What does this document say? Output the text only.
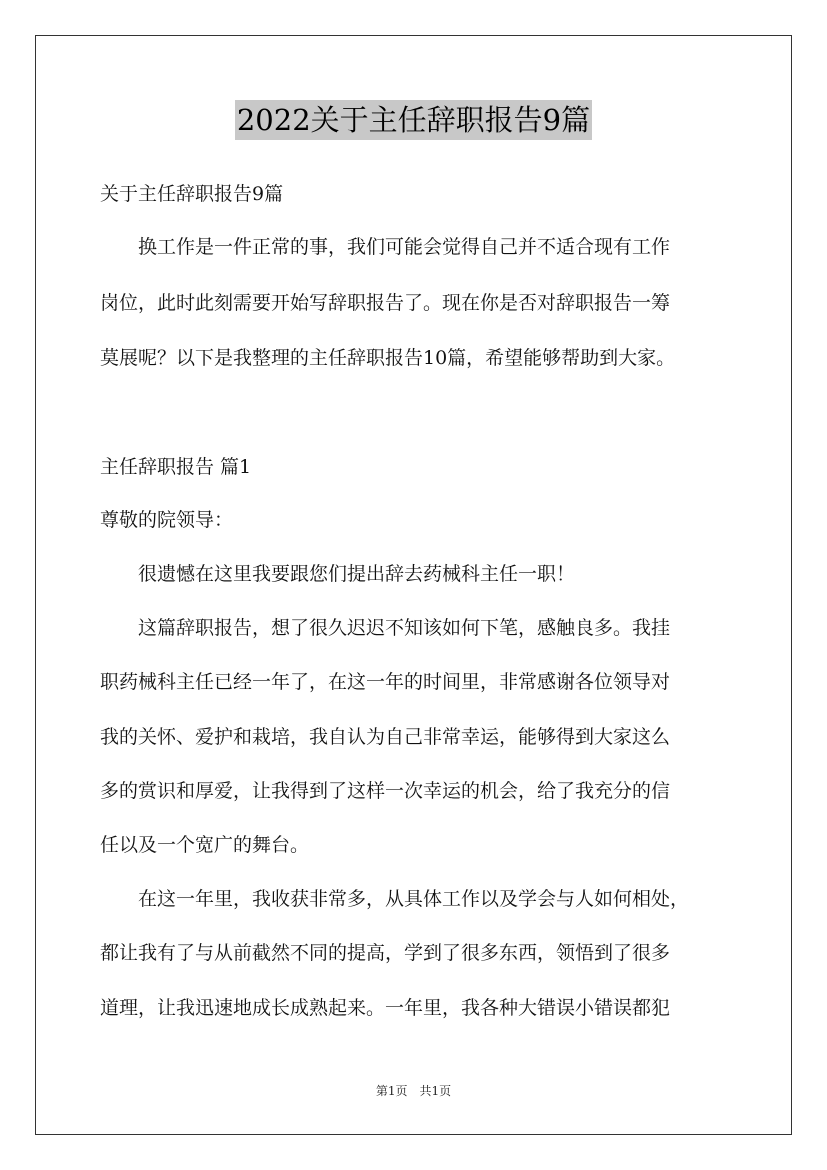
2022关于主任辞职报告9篇
关于主任辞职报告9篇
　　换工作是一件正常的事，我们可能会觉得自己并不适合现有工作
岗位，此时此刻需要开始写辞职报告了。现在你是否对辞职报告一筹
莫展呢？以下是我整理的主任辞职报告10篇，希望能够帮助到大家。
主任辞职报告 篇1
尊敬的院领导：
　　很遗憾在这里我要跟您们提出辞去药械科主任一职！
　　这篇辞职报告，想了很久迟迟不知该如何下笔，感触良多。我挂
职药械科主任已经一年了，在这一年的时间里，非常感谢各位领导对
我的关怀、爱护和栽培，我自认为自己非常幸运，能够得到大家这么
多的赏识和厚爱，让我得到了这样一次幸运的机会，给了我充分的信
任以及一个宽广的舞台。
　　在这一年里，我收获非常多，从具体工作以及学会与人如何相处，
都让我有了与从前截然不同的提高，学到了很多东西，领悟到了很多
道理，让我迅速地成长成熟起来。一年里，我各种大错误小错误都犯
第1页　共1页
